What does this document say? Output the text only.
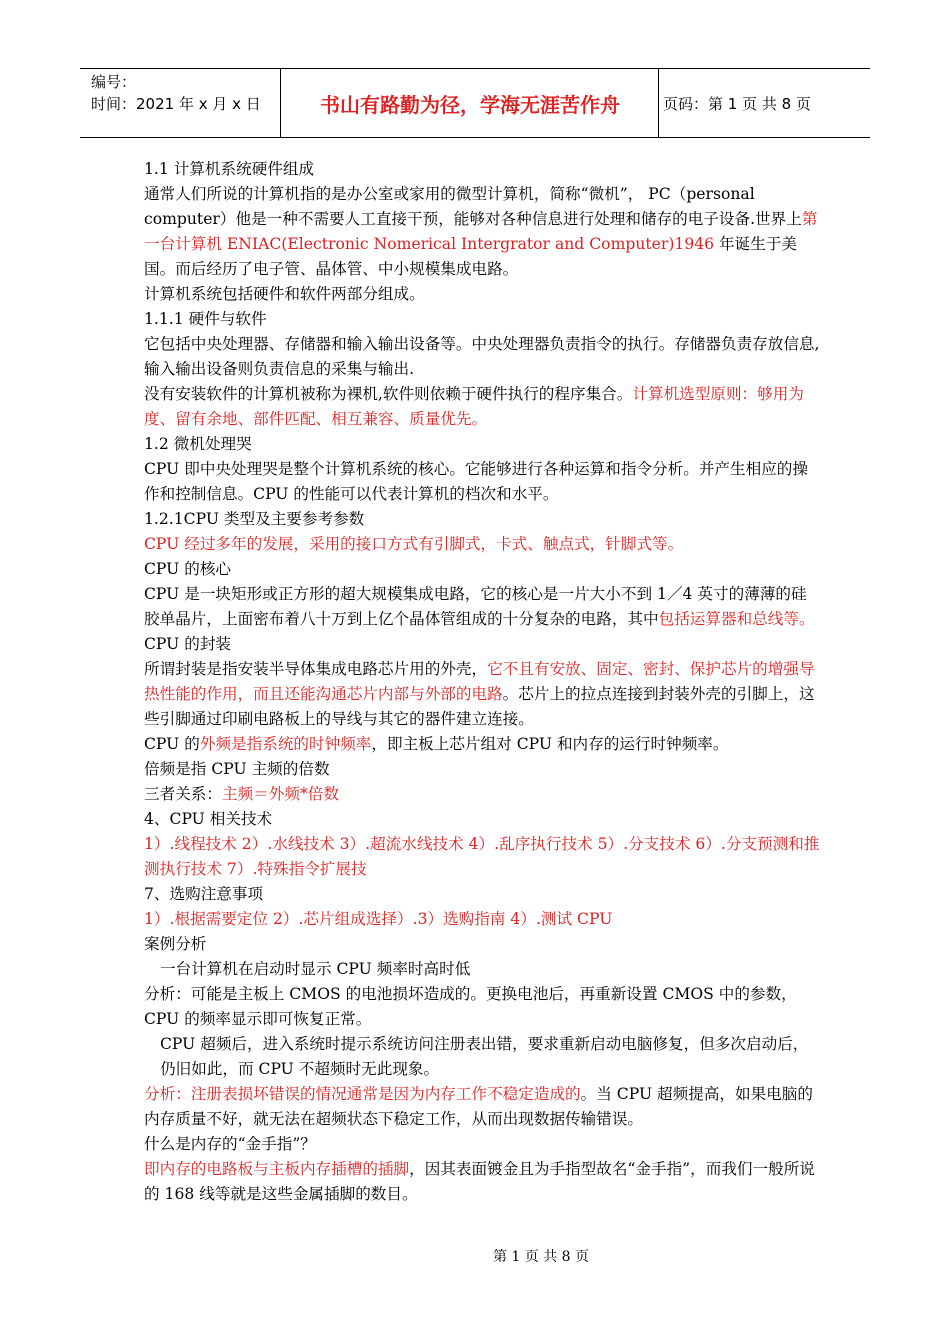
编号：
时间：2021 年 x 月 x 日	书山有路勤为径，学海无涯苦作舟	页码：第 1 页 共 8 页

1.1 计算机系统硬件组成

通常人们所说的计算机指的是办公室或家用的微型计算机，简称“微机”， PC（personal computer）他是一种不需要人工直接干预，能够对各种信息进行处理和储存的电子设备.世界上第一台计算机 ENIAC(Electronic Nomerical Intergrator and Computer)1946 年诞生于美国。而后经历了电子管、晶体管、中小规模集成电路。

计算机系统包括硬件和软件两部分组成。

1.1.1 硬件与软件

它包括中央处理器、存储器和输入输出设备等。中央处理器负责指令的执行。存储器负责存放信息,输入输出设备则负责信息的采集与输出.

没有安装软件的计算机被称为裸机,软件则依赖于硬件执行的程序集合。计算机选型原则：够用为度、留有余地、部件匹配、相互兼容、质量优先。

1.2 微机处理哭

CPU 即中央处理哭是整个计算机系统的核心。它能够进行各种运算和指令分析。并产生相应的操作和控制信息。CPU 的性能可以代表计算机的档次和水平。

1.2.1CPU 类型及主要参考参数

CPU 经过多年的发展，采用的接口方式有引脚式，卡式、触点式，针脚式等。

CPU 的核心

CPU 是一块矩形或正方形的超大规模集成电路，它的核心是一片大小不到 1／4 英寸的薄薄的硅胶单晶片，上面密布着八十万到上亿个晶体管组成的十分复杂的电路，其中包括运算器和总线等。

CPU 的封装

所谓封装是指安装半导体集成电路芯片用的外壳，它不且有安放、固定、密封、保护芯片的增强导热性能的作用，而且还能沟通芯片内部与外部的电路。芯片上的拉点连接到封装外壳的引脚上，这些引脚通过印刷电路板上的导线与其它的器件建立连接。

CPU 的外频是指系统的时钟频率，即主板上芯片组对 CPU 和内存的运行时钟频率。

倍频是指 CPU 主频的倍数

三者关系：主频＝外频*倍数

4、CPU 相关技术

1）.线程技术 2）.水线技术 3）.超流水线技术 4）.乱序执行技术 5）.分支技术 6）.分支预测和推测执行技术 7）.特殊指令扩展技

7、选购注意事项

1）.根据需要定位 2）.芯片组成选择）.3）选购指南 4）.测试 CPU

案例分析

一台计算机在启动时显示 CPU 频率时高时低

分析：可能是主板上 CMOS 的电池损坏造成的。更换电池后，再重新设置 CMOS 中的参数，CPU 的频率显示即可恢复正常。

CPU 超频后，进入系统时提示系统访问注册表出错，要求重新启动电脑修复，但多次启动后，仍旧如此，而 CPU 不超频时无此现象。

分析：注册表损坏错误的情况通常是因为内存工作不稳定造成的。当 CPU 超频提高，如果电脑的内存质量不好，就无法在超频状态下稳定工作，从而出现数据传输错误。

什么是内存的“金手指”？

即内存的电路板与主板内存插槽的插脚，因其表面镀金且为手指型故名“金手指”，而我们一般所说的 168 线等就是这些金属插脚的数目。

第 1 页 共 8 页
